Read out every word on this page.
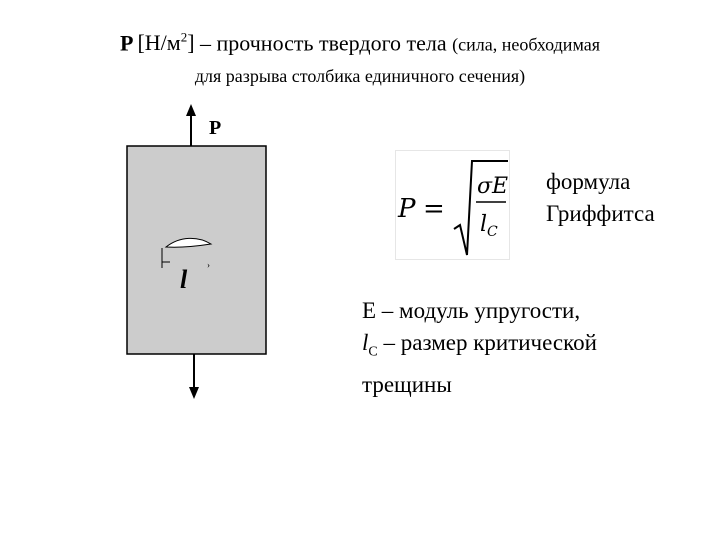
P $[Н/м^2]$ – прочность твердого тела (сила, необходимая
для разрыва столбика единичного сечения)
P
›
l
P =
σE
$l_C$
формула
Гриффитса
E – модуль упругости,
$l_C$ – размер критической
трещины
